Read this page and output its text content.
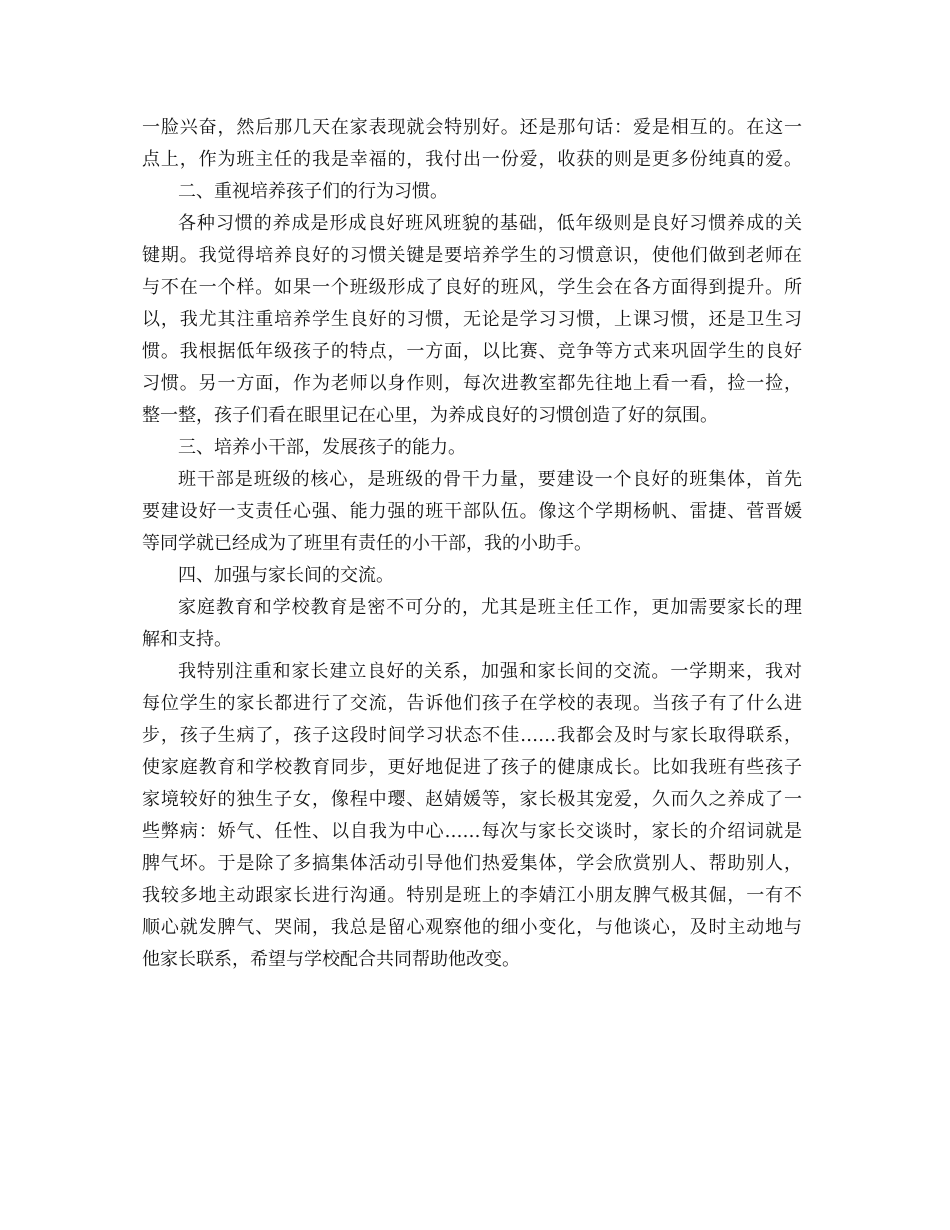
一脸兴奋，然后那几天在家表现就会特别好。还是那句话：爱是相互的。在这一
点上，作为班主任的我是幸福的，我付出一份爱，收获的则是更多份纯真的爱。
二、重视培养孩子们的行为习惯。
各种习惯的养成是形成良好班风班貌的基础，低年级则是良好习惯养成的关
键期。我觉得培养良好的习惯关键是要培养学生的习惯意识，使他们做到老师在
与不在一个样。如果一个班级形成了良好的班风，学生会在各方面得到提升。所
以，我尤其注重培养学生良好的习惯，无论是学习习惯，上课习惯，还是卫生习
惯。我根据低年级孩子的特点，一方面，以比赛、竞争等方式来巩固学生的良好
习惯。另一方面，作为老师以身作则，每次进教室都先往地上看一看，捡一捡，
整一整，孩子们看在眼里记在心里，为养成良好的习惯创造了好的氛围。
三、培养小干部，发展孩子的能力。
班干部是班级的核心，是班级的骨干力量，要建设一个良好的班集体，首先
要建设好一支责任心强、能力强的班干部队伍。像这个学期杨帆、雷捷、菅晋媛
等同学就已经成为了班里有责任的小干部，我的小助手。
四、加强与家长间的交流。
家庭教育和学校教育是密不可分的，尤其是班主任工作，更加需要家长的理
解和支持。
我特别注重和家长建立良好的关系，加强和家长间的交流。一学期来，我对
每位学生的家长都进行了交流，告诉他们孩子在学校的表现。当孩子有了什么进
步，孩子生病了，孩子这段时间学习状态不佳……我都会及时与家长取得联系，
使家庭教育和学校教育同步，更好地促进了孩子的健康成长。比如我班有些孩子
家境较好的独生子女，像程中璎、赵婧媛等，家长极其宠爱，久而久之养成了一
些弊病：娇气、任性、以自我为中心……每次与家长交谈时，家长的介绍词就是
脾气坏。于是除了多搞集体活动引导他们热爱集体，学会欣赏别人、帮助别人，
我较多地主动跟家长进行沟通。特别是班上的李婧江小朋友脾气极其倔，一有不
顺心就发脾气、哭闹，我总是留心观察他的细小变化，与他谈心，及时主动地与
他家长联系，希望与学校配合共同帮助他改变。
